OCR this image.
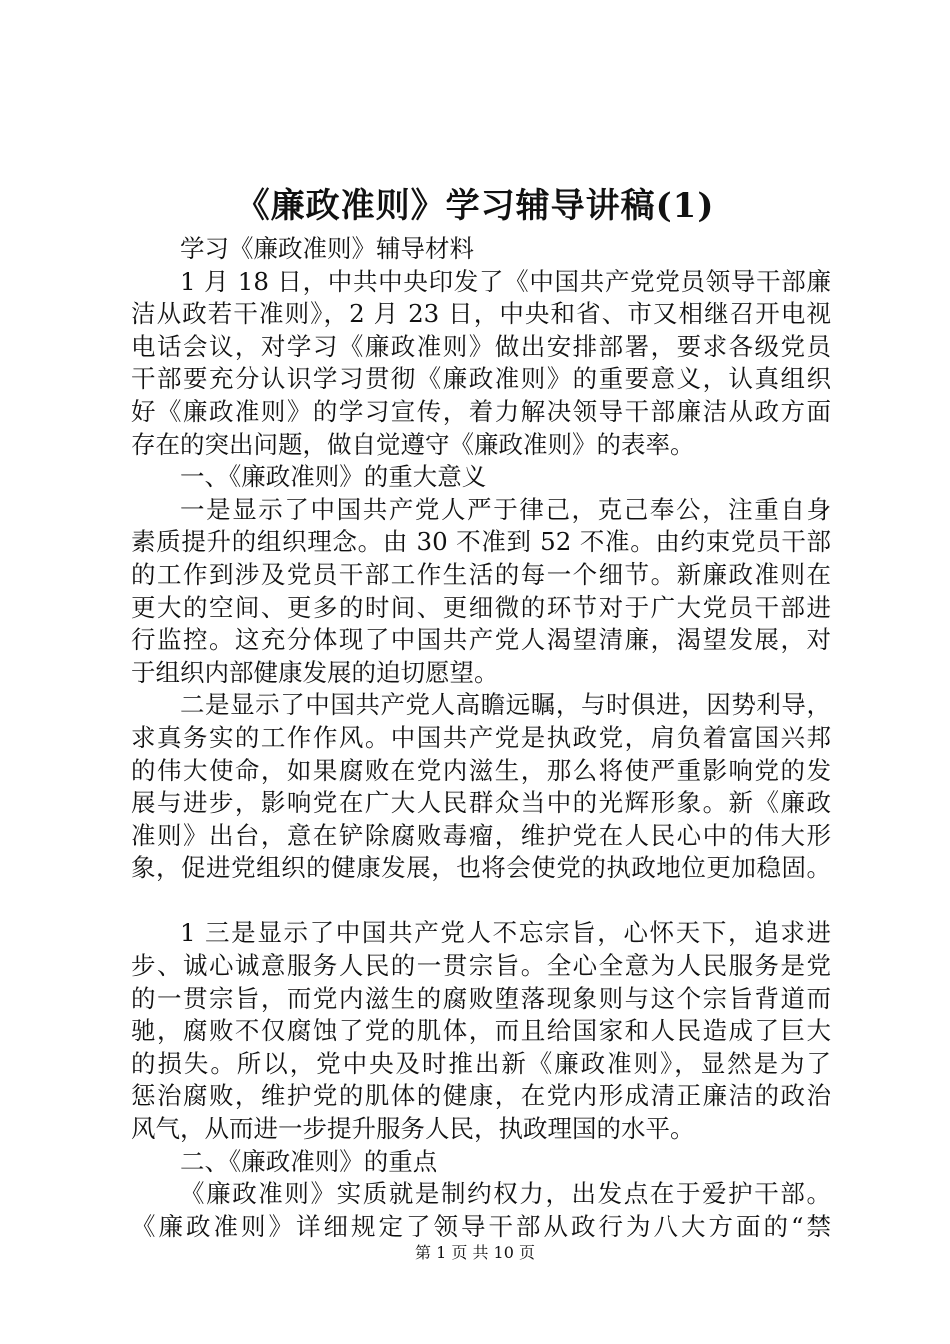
《廉政准则》学习辅导讲稿(1)
学习《廉政准则》辅导材料
1 月 18 日，中共中央印发了《中国共产党党员领导干部廉
洁从政若干准则》，2 月 23 日，中央和省、市又相继召开电视
电话会议，对学习《廉政准则》做出安排部署，要求各级党员
干部要充分认识学习贯彻《廉政准则》的重要意义，认真组织
好《廉政准则》的学习宣传，着力解决领导干部廉洁从政方面
存在的突出问题，做自觉遵守《廉政准则》的表率。
一、《廉政准则》的重大意义
一是显示了中国共产党人严于律己，克己奉公，注重自身
素质提升的组织理念。由 30 不准到 52 不准。由约束党员干部
的工作到涉及党员干部工作生活的每一个细节。新廉政准则在
更大的空间、更多的时间、更细微的环节对于广大党员干部进
行监控。这充分体现了中国共产党人渴望清廉，渴望发展，对
于组织内部健康发展的迫切愿望。
二是显示了中国共产党人高瞻远瞩，与时俱进，因势利导，
求真务实的工作作风。中国共产党是执政党，肩负着富国兴邦
的伟大使命，如果腐败在党内滋生，那么将使严重影响党的发
展与进步，影响党在广大人民群众当中的光辉形象。新《廉政
准则》出台，意在铲除腐败毒瘤，维护党在人民心中的伟大形
象，促进党组织的健康发展，也将会使党的执政地位更加稳固。
1 三是显示了中国共产党人不忘宗旨，心怀天下，追求进
步、诚心诚意服务人民的一贯宗旨。全心全意为人民服务是党
的一贯宗旨，而党内滋生的腐败堕落现象则与这个宗旨背道而
驰，腐败不仅腐蚀了党的肌体，而且给国家和人民造成了巨大
的损失。所以，党中央及时推出新《廉政准则》，显然是为了
惩治腐败，维护党的肌体的健康，在党内形成清正廉洁的政治
风气，从而进一步提升服务人民，执政理国的水平。
二、《廉政准则》的重点
《廉政准则》实质就是制约权力，出发点在于爱护干部。
《廉政准则》详细规定了领导干部从政行为八大方面的“禁
第 1 页 共 10 页
